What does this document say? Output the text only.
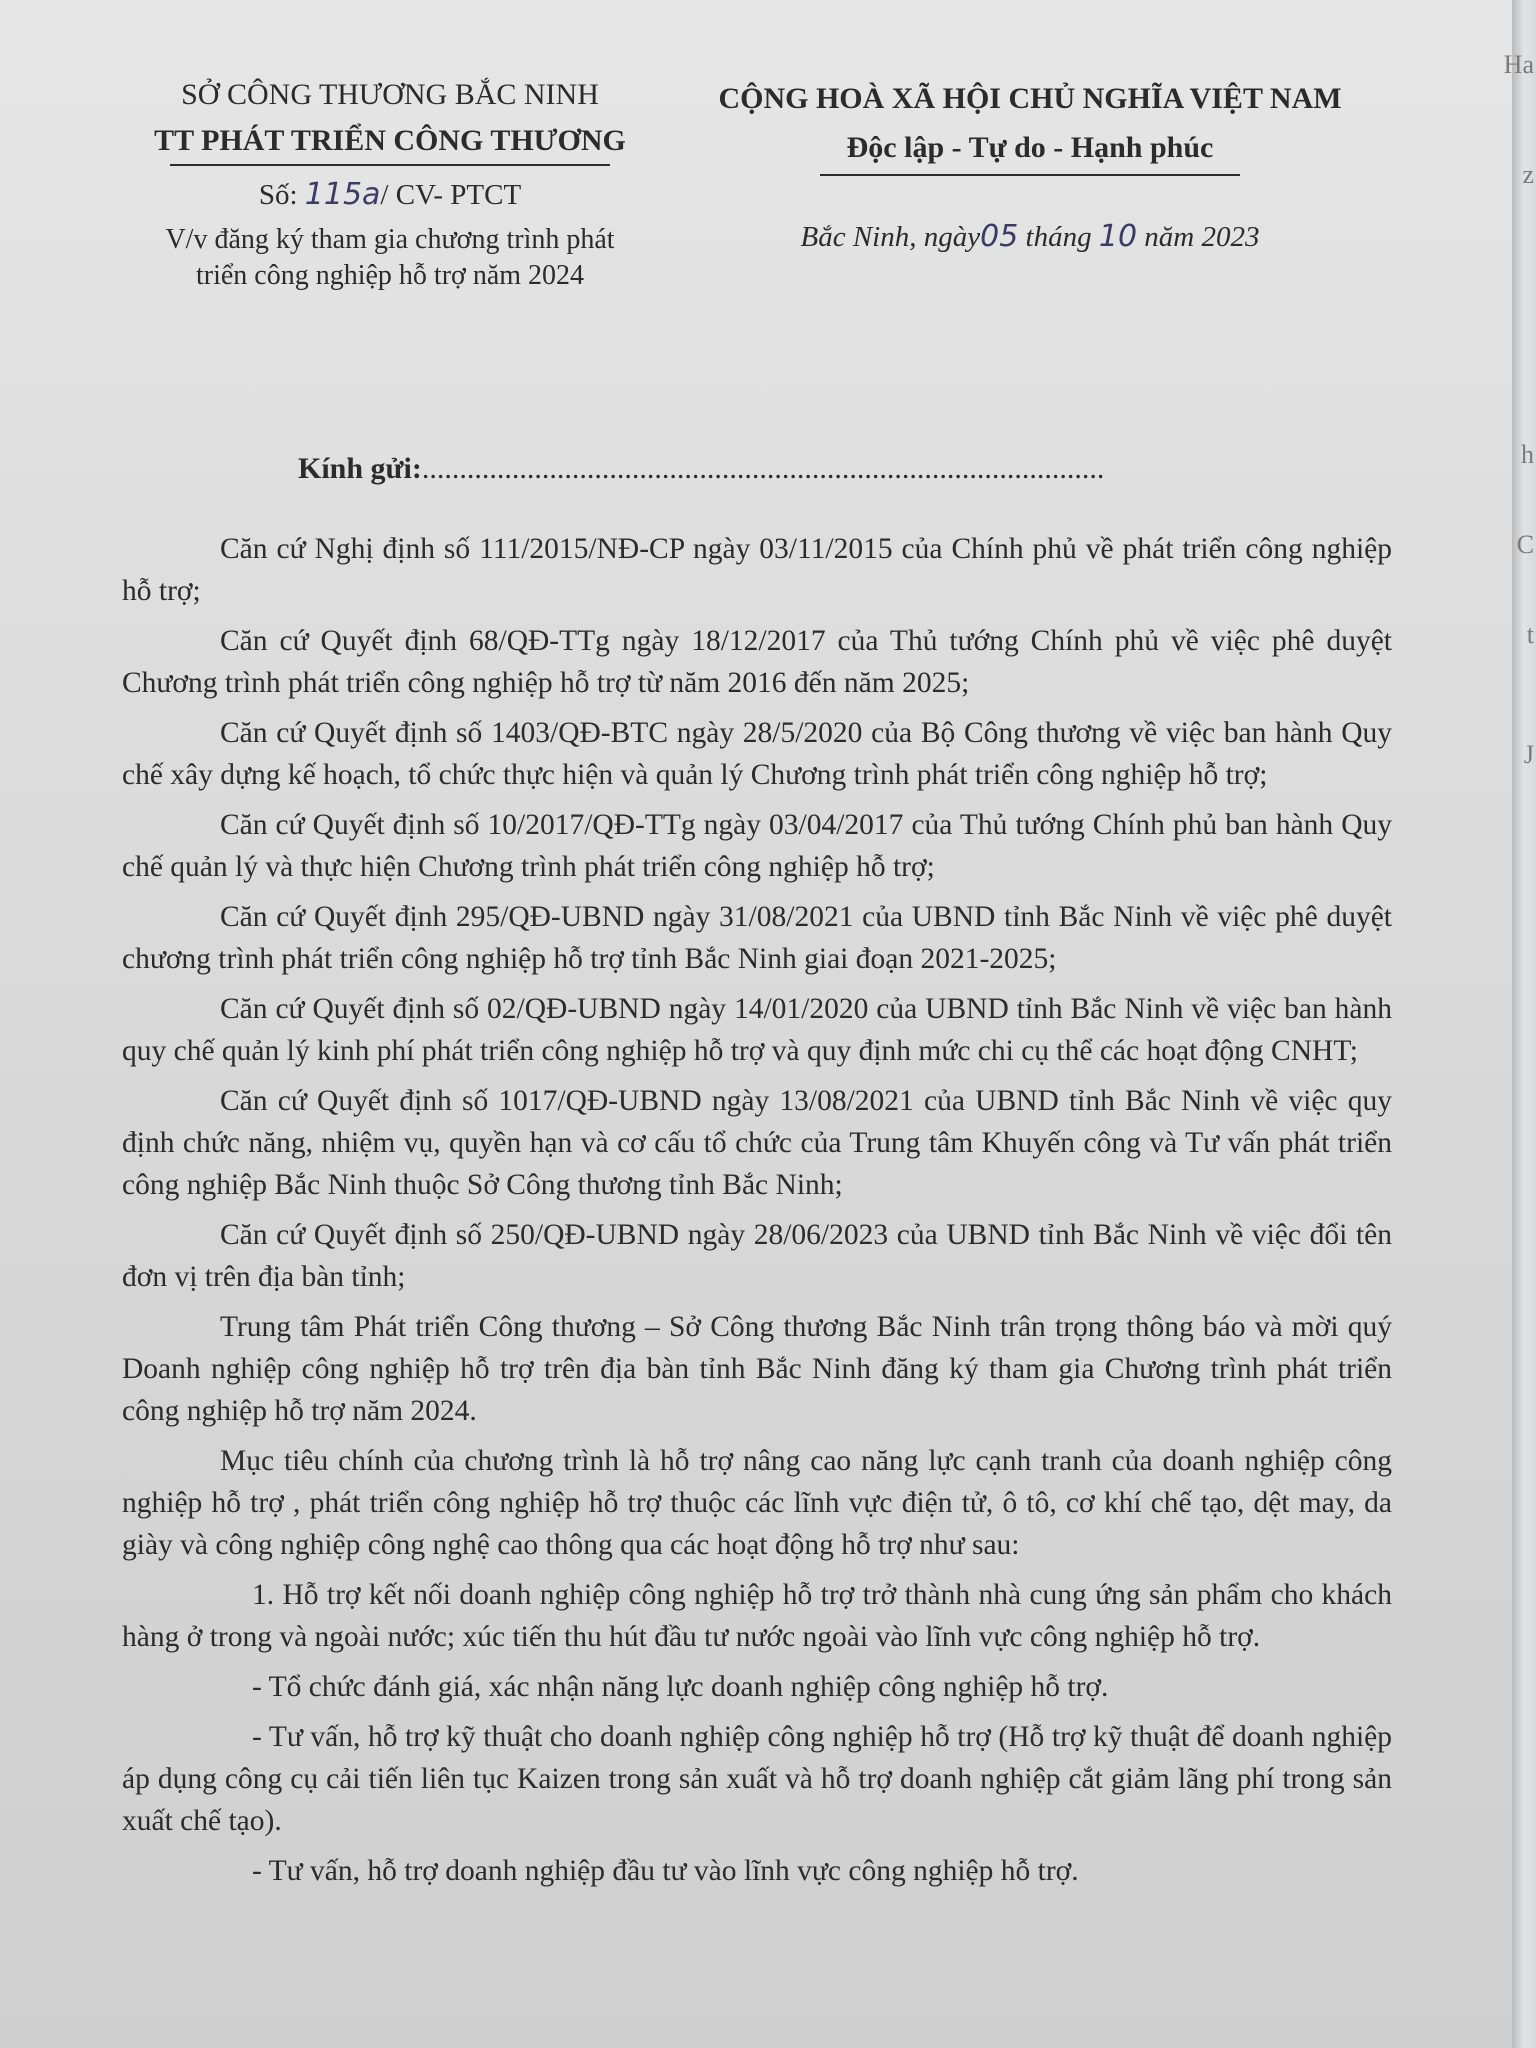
SỞ CÔNG THƯƠNG BẮC NINH
TT PHÁT TRIỂN CÔNG THƯƠNG
Số: 115a/ CV- PTCT
V/v đăng ký tham gia chương trình phát
triển công nghiệp hỗ trợ năm 2024
CỘNG HOÀ XÃ HỘI CHỦ NGHĨA VIỆT NAM
Độc lập - Tự do - Hạnh phúc
Bắc Ninh, ngày05 tháng 10 năm 2023
Kính gửi:...........................................................................................

Căn cứ Nghị định số 111/2015/NĐ-CP ngày 03/11/2015 của Chính phủ về phát triển công nghiệp hỗ trợ;

Căn cứ Quyết định 68/QĐ-TTg ngày 18/12/2017 của Thủ tướng Chính phủ về việc phê duyệt Chương trình phát triển công nghiệp hỗ trợ từ năm 2016 đến năm 2025;

Căn cứ Quyết định số 1403/QĐ-BTC ngày 28/5/2020 của Bộ Công thương về việc ban hành Quy chế xây dựng kế hoạch, tổ chức thực hiện và quản lý Chương trình phát triển công nghiệp hỗ trợ;

Căn cứ Quyết định số 10/2017/QĐ-TTg ngày 03/04/2017 của Thủ tướng Chính phủ ban hành Quy chế quản lý và thực hiện Chương trình phát triển công nghiệp hỗ trợ;

Căn cứ Quyết định 295/QĐ-UBND ngày 31/08/2021 của UBND tỉnh Bắc Ninh về việc phê duyệt chương trình phát triển công nghiệp hỗ trợ tỉnh Bắc Ninh giai đoạn 2021-2025;

Căn cứ Quyết định số 02/QĐ-UBND ngày 14/01/2020 của UBND tỉnh Bắc Ninh về việc ban hành quy chế quản lý kinh phí phát triển công nghiệp hỗ trợ và quy định mức chi cụ thể các hoạt động CNHT;

Căn cứ Quyết định số 1017/QĐ-UBND ngày 13/08/2021 của UBND tỉnh Bắc Ninh về việc quy định chức năng, nhiệm vụ, quyền hạn và cơ cấu tổ chức của Trung tâm Khuyến công và Tư vấn phát triển công nghiệp Bắc Ninh thuộc Sở Công thương tỉnh Bắc Ninh;

Căn cứ Quyết định số 250/QĐ-UBND ngày 28/06/2023 của UBND tỉnh Bắc Ninh về việc đổi tên đơn vị trên địa bàn tỉnh;

Trung tâm Phát triển Công thương – Sở Công thương Bắc Ninh trân trọng thông báo và mời quý Doanh nghiệp công nghiệp hỗ trợ trên địa bàn tỉnh Bắc Ninh đăng ký tham gia Chương trình phát triển công nghiệp hỗ trợ năm 2024.

Mục tiêu chính của chương trình là hỗ trợ nâng cao năng lực cạnh tranh của doanh nghiệp công nghiệp hỗ trợ , phát triển công nghiệp hỗ trợ thuộc các lĩnh vực điện tử, ô tô, cơ khí chế tạo, dệt may, da giày và công nghiệp công nghệ cao thông qua các hoạt động hỗ trợ như sau:

1. Hỗ trợ kết nối doanh nghiệp công nghiệp hỗ trợ trở thành nhà cung ứng sản phẩm cho khách hàng ở trong và ngoài nước; xúc tiến thu hút đầu tư nước ngoài vào lĩnh vực công nghiệp hỗ trợ.

- Tổ chức đánh giá, xác nhận năng lực doanh nghiệp công nghiệp hỗ trợ.

- Tư vấn, hỗ trợ kỹ thuật cho doanh nghiệp công nghiệp hỗ trợ (Hỗ trợ kỹ thuật để doanh nghiệp áp dụng công cụ cải tiến liên tục Kaizen trong sản xuất và hỗ trợ doanh nghiệp cắt giảm lãng phí trong sản xuất chế tạo).

- Tư vấn, hỗ trợ doanh nghiệp đầu tư vào lĩnh vực công nghiệp hỗ trợ.

Ha
z
h
C
t
J
